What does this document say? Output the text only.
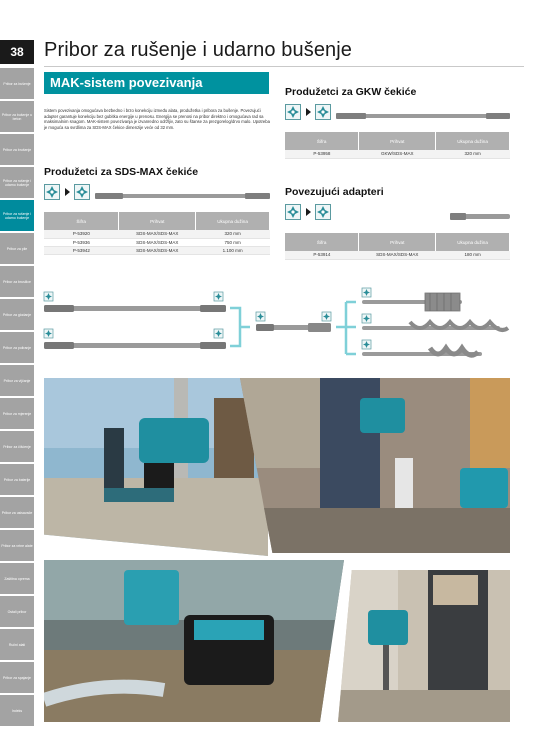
38	Pribor za rušenje i udarno bušenje
Pribor za bušenje
Pribor za bušenje u beton
Pribor za brušenje
Pribor za rušenje i udarno bušenje
Pribor za rušenje i udarno bušenje
Pribor za pile
Pribor za brusilice
Pribor za glodanje
Pribor za poliranje
Pribor za vijčanje
Pribor za mjerenje
Pribor za čišćenje
Pribor za baterije
Pribor za usisavače
Pribor za vrtne alate
Zaštitna oprema
Ostali pribor
Ručni alati
Pribor za spajanje
Indeks
MAK-sistem povezivanja

Sistem povezivanja omogućava bezbedno i brzo konekciju između alata, produžetka i pribora za bušenje. Povezujući adapter garantuje konekciju bez gubitka energije u prenosu. Energija se prenosi na pribor direktno i omogućava rad sa maksimalnim snagom. MAK-sistem povezivanja je izvanredno održljiv, zato su štanse za prezgorelog/drvo malo. Upotreba je moguća sa svrdlima za SDS-MAX čekice dimenzije veće od 32 mm.

Produžetci za SDS-MAX čekiće
Šifra	Prihvat	Ukupna dužina
P-53920	SDS-MAX/SDS-MAX	320 mm
P-53936	SDS-MAX/SDS-MAX	750 mm
P-53942	SDS-MAX/SDS-MAX	1.100 mm
Produžetci za GKW čekiće
Šifra	Prihvat	Ukupna dužina
P-53958	GKW/SDS-MAX	320 mm
Povezujući adapteri
Šifra	Prihvat	Ukupna dužina
P-53914	SDS-MAX/SDS-MAX	180 mm
